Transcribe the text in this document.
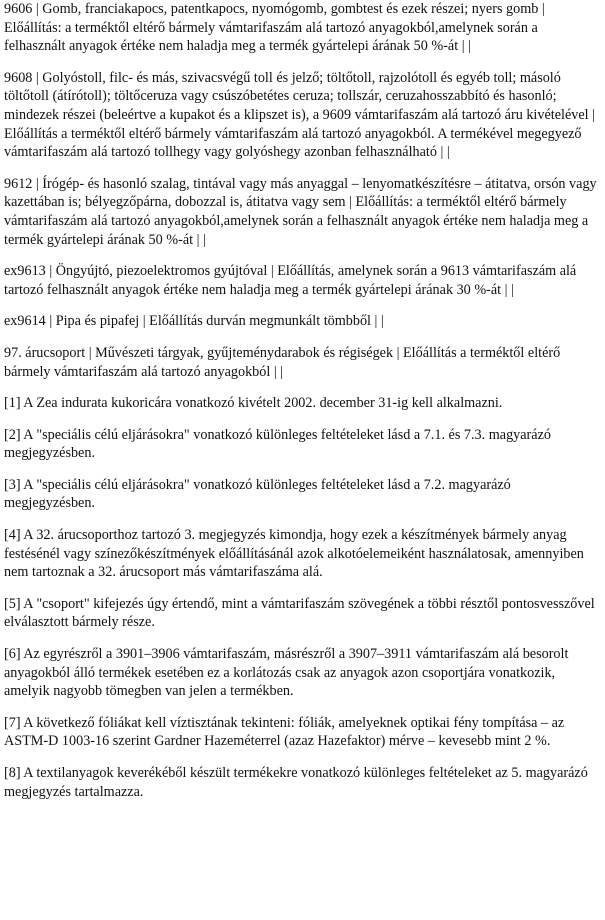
9606 | Gomb, franciakapocs, patentkapocs, nyomógomb, gombtest és ezek részei; nyers gomb | Előállítás: a terméktől eltérő bármely vámtarifaszám alá tartozó anyagokból,amelynek során a felhasznált anyagok értéke nem haladja meg a termék gyártelepi árának 50 %-át | |

9608 | Golyóstoll, filc- és más, szivacsvégű toll és jelző; töltőtoll, rajzolótoll és egyéb toll; másoló töltőtoll (átírótoll); töltőceruza vagy csúszóbetétes ceruza; tollszár, ceruzahosszabbító és hasonló; mindezek részei (beleértve a kupakot és a klipszet is), a 9609 vámtarifaszám alá tartozó áru kivételével | Előállítás a terméktől eltérő bármely vámtarifaszám alá tartozó anyagokból. A termékével megegyező vámtarifaszám alá tartozó tollhegy vagy golyóshegy azonban felhasználható | |

9612 | Írógép- és hasonló szalag, tintával vagy más anyaggal – lenyomatkészítésre – átitatva, orsón vagy kazettában is; bélyegzőpárna, dobozzal is, átitatva vagy sem | Előállítás: a terméktől eltérő bármely vámtarifaszám alá tartozó anyagokból,amelynek során a felhasznált anyagok értéke nem haladja meg a termék gyártelepi árának 50 %-át | |

ex9613 | Öngyújtó, piezoelektromos gyújtóval | Előállítás, amelynek során a 9613 vámtarifaszám alá tartozó felhasznált anyagok értéke nem haladja meg a termék gyártelepi árának 30 %-át | |

ex9614 | Pipa és pipafej | Előállítás durván megmunkált tömbből | |

97. árucsoport | Művészeti tárgyak, gyűjteménydarabok és régiségek | Előállítás a terméktől eltérő bármely vámtarifaszám alá tartozó anyagokból | |

[1] A Zea indurata kukoricára vonatkozó kivételt 2002. december 31-ig kell alkalmazni.

[2] A "speciális célú eljárásokra" vonatkozó különleges feltételeket lásd a 7.1. és 7.3. magyarázó megjegyzésben.

[3] A "speciális célú eljárásokra" vonatkozó különleges feltételeket lásd a 7.2. magyarázó megjegyzésben.

[4] A 32. árucsoporthoz tartozó 3. megjegyzés kimondja, hogy ezek a készítmények bármely anyag festésénél vagy színezőkészítmények előállításánál azok alkotóelemeiként használatosak, amennyiben nem tartoznak a 32. árucsoport más vámtarifaszáma alá.

[5] A "csoport" kifejezés úgy értendő, mint a vámtarifaszám szövegének a többi résztől pontosvesszővel elválasztott bármely része.

[6] Az egyrészről a 3901–3906 vámtarifaszám, másrészről a 3907–3911 vámtarifaszám alá besorolt anyagokból álló termékek esetében ez a korlátozás csak az anyagok azon csoportjára vonatkozik, amelyik nagyobb tömegben van jelen a termékben.

[7] A következő fóliákat kell víztisztának tekinteni: fóliák, amelyeknek optikai fény tompítása – az ASTM-D 1003-16 szerint Gardner Hazeméterrel (azaz Hazefaktor) mérve – kevesebb mint 2 %.

[8] A textilanyagok keverékéből készült termékekre vonatkozó különleges feltételeket az 5. magyarázó megjegyzés tartalmazza.
